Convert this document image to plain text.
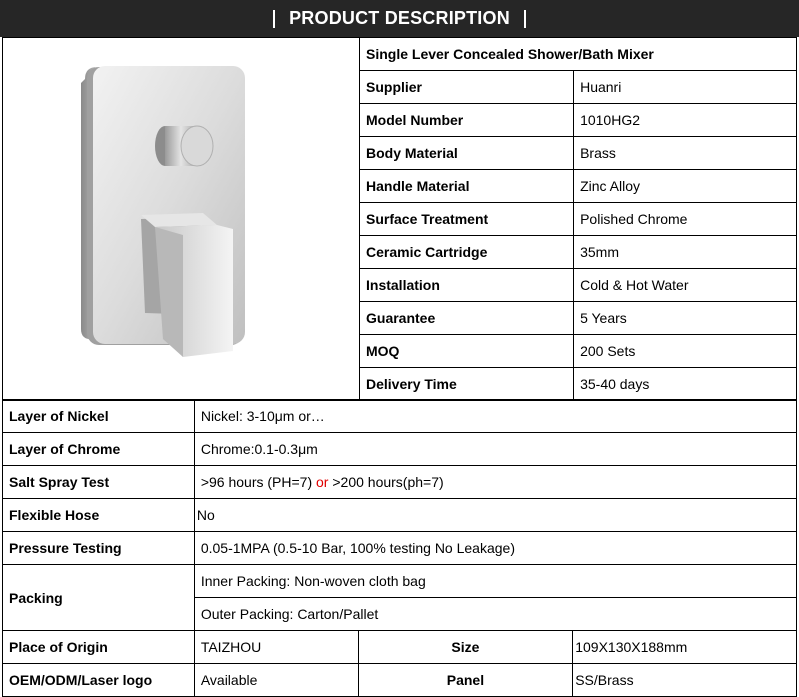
PRODUCT DESCRIPTION
	Single Lever Concealed Shower/Bath Mixer	
	Supplier	Huanri
	Model Number	1010HG2
	Body Material	Brass
	Handle Material	Zinc Alloy
	Surface Treatment	Polished Chrome
	Ceramic Cartridge	35mm
	Installation	Cold & Hot Water
	Guarantee	5 Years
	MOQ	200 Sets
	Delivery Time	35-40 days
Layer of Nickel	Nickel: 3-10μm or…		
Layer of Chrome	Chrome:0.1-0.3μm		
Salt Spray Test	>96 hours (PH=7) or >200 hours(ph=7)		
Flexible Hose	No		
Pressure Testing	0.05-1MPA (0.5-10 Bar, 100% testing No Leakage)		
Packing	Inner Packing: Non-woven cloth bag		
	Outer Packing: Carton/Pallet		
Place of Origin	TAIZHOU	Size	109X130X188mm
OEM/ODM/Laser logo	Available	Panel	SS/Brass
